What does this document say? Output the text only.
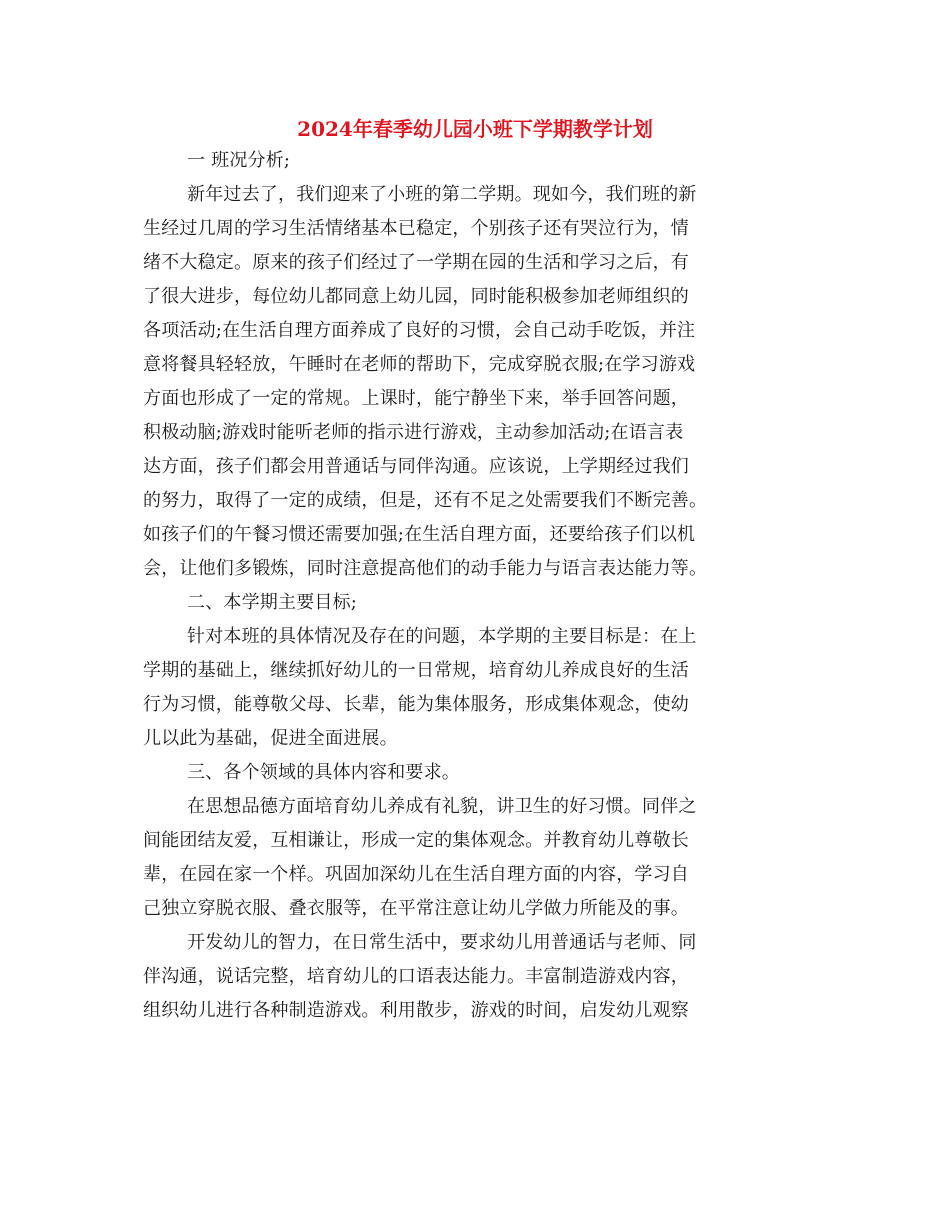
2024年春季幼儿园小班下学期教学计划
一 班况分析;
新年过去了，我们迎来了小班的第二学期。现如今，我们班的新
生经过几周的学习生活情绪基本已稳定，个别孩子还有哭泣行为，情
绪不大稳定。原来的孩子们经过了一学期在园的生活和学习之后，有
了很大进步，每位幼儿都同意上幼儿园，同时能积极参加老师组织的
各项活动;在生活自理方面养成了良好的习惯，会自己动手吃饭，并注
意将餐具轻轻放，午睡时在老师的帮助下，完成穿脱衣服;在学习游戏
方面也形成了一定的常规。上课时，能宁静坐下来，举手回答问题，
积极动脑;游戏时能听老师的指示进行游戏，主动参加活动;在语言表
达方面，孩子们都会用普通话与同伴沟通。应该说，上学期经过我们
的努力，取得了一定的成绩，但是，还有不足之处需要我们不断完善。
如孩子们的午餐习惯还需要加强;在生活自理方面，还要给孩子们以机
会，让他们多锻炼，同时注意提高他们的动手能力与语言表达能力等。
二、本学期主要目标;
针对本班的具体情况及存在的问题，本学期的主要目标是：在上
学期的基础上，继续抓好幼儿的一日常规，培育幼儿养成良好的生活
行为习惯，能尊敬父母、长辈，能为集体服务，形成集体观念，使幼
儿以此为基础，促进全面进展。
三、各个领域的具体内容和要求。
在思想品德方面培育幼儿养成有礼貌，讲卫生的好习惯。同伴之
间能团结友爱，互相谦让，形成一定的集体观念。并教育幼儿尊敬长
辈，在园在家一个样。巩固加深幼儿在生活自理方面的内容，学习自
己独立穿脱衣服、叠衣服等，在平常注意让幼儿学做力所能及的事。
开发幼儿的智力，在日常生活中，要求幼儿用普通话与老师、同
伴沟通，说话完整，培育幼儿的口语表达能力。丰富制造游戏内容，
组织幼儿进行各种制造游戏。利用散步，游戏的时间，启发幼儿观察
